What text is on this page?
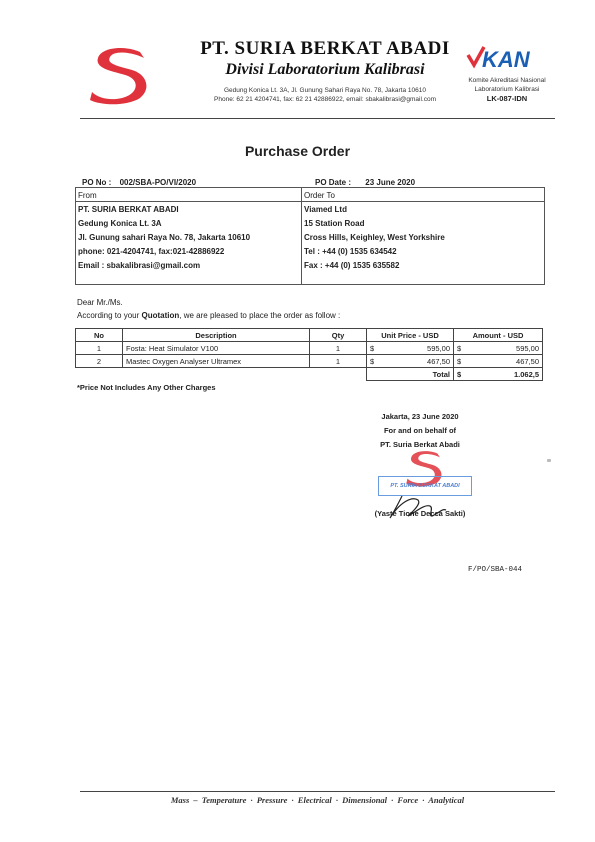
PT. SURIA BERKAT ABADI
Divisi Laboratorium Kalibrasi
Gedung Konica Lt. 3A, Jl. Gunung Sahari Raya No. 78, Jakarta 10610
Phone: 62 21 4204741, fax: 62 21 42886922, email: sbakalibrasi@gmail.com
KAN
Komite Akreditasi Nasional
Laboratorium Kalibrasi
LK-087-IDN
Purchase Order
PO No : 002/SBA-PO/VI/2020	PO Date : 23 June 2020
From
PT. SURIA BERKAT ABADI
Gedung Konica Lt. 3A
Jl. Gunung sahari Raya No. 78, Jakarta 10610
phone: 021-4204741, fax:021-42886922
Email : sbakalibrasi@gmail.com
Order To
Viamed Ltd
15 Station Road
Cross Hills, Keighley, West Yorkshire
Tel : +44 (0) 1535 634542
Fax : +44 (0) 1535 635582
Dear Mr./Ms.
According to your Quotation, we are pleased to place the order as follow :
No	Description	Qty	Unit Price - USD		Amount - USD	
1	Fosta: Heat Simulator V100	1	$	595,00	$	595,00
2	Mastec Oxygen Analyser Ultramex	1	$	467,50	$	467,50
				Total	$	1.062,5
*Price Not Includes Any Other Charges
Jakarta, 23 June 2020
For and on behalf of
PT. Suria Berkat Abadi
PT. SURIA BERKAT ABADI
(Yaste Tione Decca Sakti)
F/PO/SBA-044
Mass – Temperature · Pressure · Electrical · Dimensional · Force · Analytical
